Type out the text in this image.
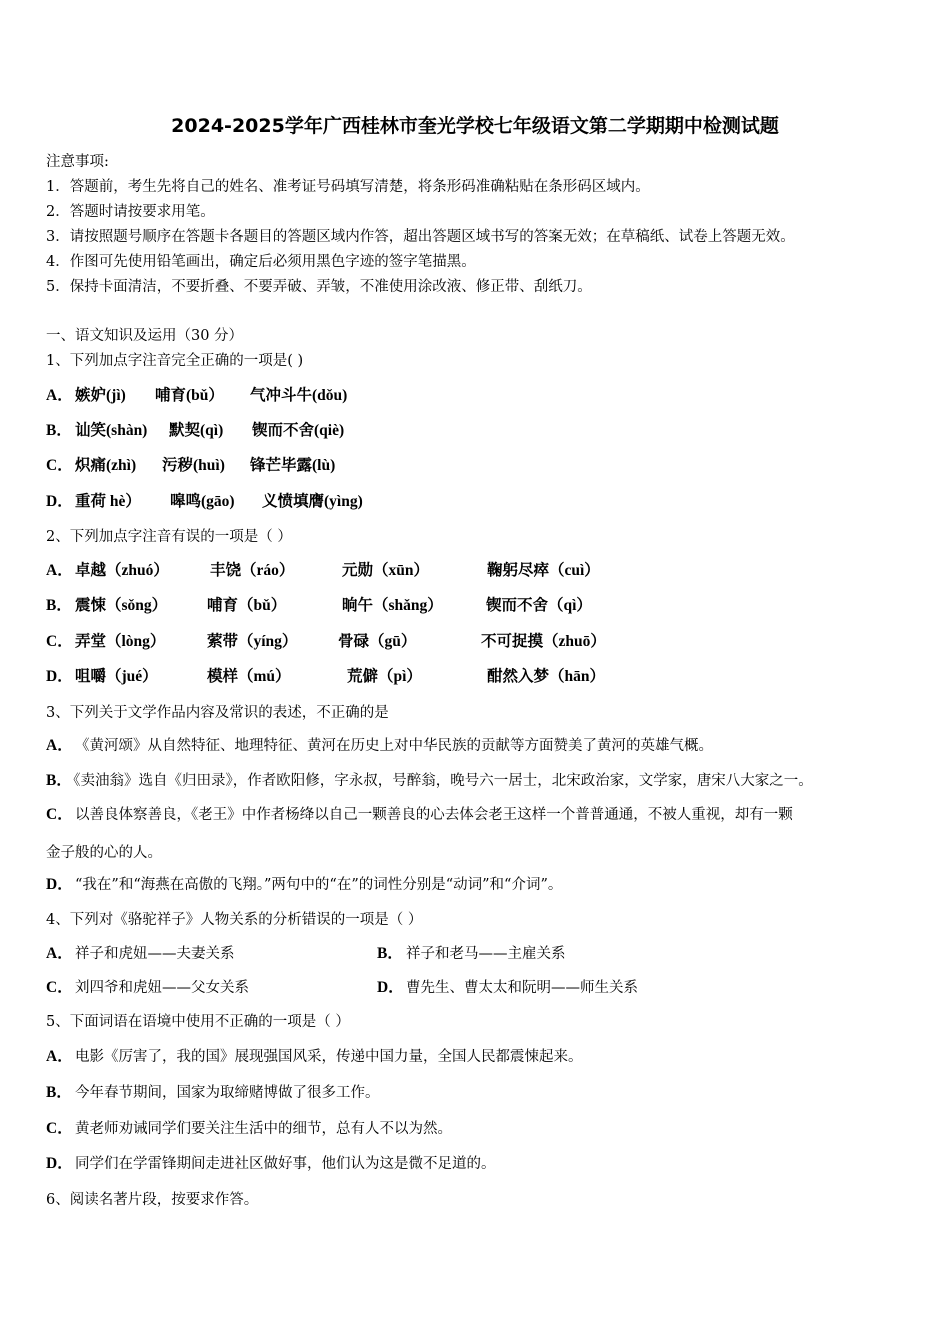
2024-2025学年广西桂林市奎光学校七年级语文第二学期期中检测试题
注意事项:
1．答题前，考生先将自己的姓名、准考证号码填写清楚，将条形码准确粘贴在条形码区域内。
2．答题时请按要求用笔。
3．请按照题号顺序在答题卡各题目的答题区域内作答，超出答题区域书写的答案无效；在草稿纸、试卷上答题无效。
4．作图可先使用铅笔画出，确定后必须用黑色字迹的签字笔描黑。
5．保持卡面清洁，不要折叠、不要弄破、弄皱，不准使用涂改液、修正带、刮纸刀。
一、语文知识及运用（30 分）
1、下列加点字注音完全正确的一项是( )
A． 嫉妒(jì) 哺育(bǔ） 气冲斗牛(dǒu)
B． 讪笑(shàn) 默契(qì) 锲而不舍(qiè)
C． 炽痛(zhì) 污秽(huì) 锋芒毕露(lù)
D． 重荷 hè） 嗥鸣(gāo) 义愤填膺(yìng)
2、下列加点字注音有误的一项是（ ）
A． 卓越（zhuó）	丰饶（ráo）	元勋（xūn）	鞠躬尽瘁（cuì）
B． 震悚（sǒng）	哺育（bǔ）	晌午（shǎng）	锲而不舍（qì）
C． 弄堂（lòng）	萦带（yíng）	骨碌（gū）	不可捉摸（zhuō）
D． 咀嚼（jué）	模样（mú）	荒僻（pì）	酣然入梦（hān）
3、下列关于文学作品内容及常识的表述，不正确的是
A． 《黄河颂》从自然特征、地理特征、黄河在历史上对中华民族的贡献等方面赞美了黄河的英雄气概。
B．
《卖油翁》选自《归田录》，作者欧阳修，字永叔，号醉翁，晚号六一居士，北宋政治家，文学家，唐宋八大家之一。
C． 以善良体察善良，《老王》中作者杨绛以自己一颗善良的心去体会老王这样一个普普通通，不被人重视，却有一颗
金子般的心的人。
D． “我在”和“海燕在高傲的飞翔。”两句中的“在”的词性分别是“动词”和“介词”。
4、下列对《骆驼祥子》人物关系的分析错误的一项是（ ）
A． 祥子和虎妞——夫妻关系	B． 祥子和老马——主雇关系
C． 刘四爷和虎妞——父女关系	D． 曹先生、曹太太和阮明——师生关系
5、下面词语在语境中使用不正确的一项是（ ）
A． 电影《厉害了，我的国》展现强国风采，传递中国力量，全国人民都震悚起来。
B． 今年春节期间，国家为取缔赌博做了很多工作。
C． 黄老师劝诫同学们要关注生活中的细节，总有人不以为然。
D． 同学们在学雷锋期间走进社区做好事，他们认为这是微不足道的。
6、阅读名著片段，按要求作答。
